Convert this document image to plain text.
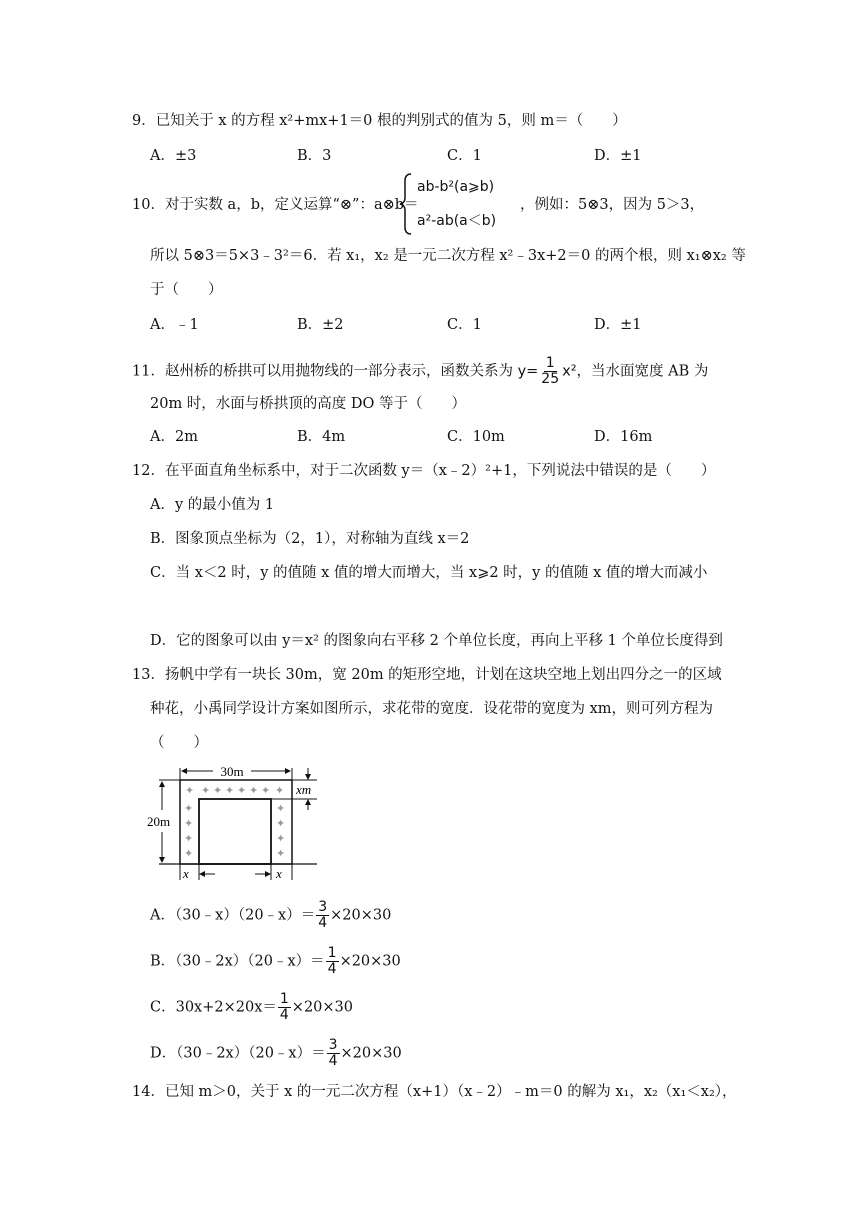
9．已知关于 x 的方程 x²+mx+1＝0 根的判别式的值为 5，则 m＝（　　）
A．±3	B．3	C．1	D．±1
10．对于实数 a，b，定义运算“⊗”：a⊗b＝
ab-b²(a⩾b)
a²-ab(a＜b)
，例如：5⊗3，因为 5＞3，
所以 5⊗3＝5×3﹣3²＝6．若 x₁，x₂ 是一元二次方程 x²﹣3x+2＝0 的两个根，则 x₁⊗x₂ 等
于（　　）
A．﹣1	B．±2	C．1	D．±1
11．赵州桥的桥拱可以用抛物线的一部分表示，函数关系为 $y= \frac{1}{25} x^2$，当水面宽度 AB 为
20m 时，水面与桥拱顶的高度 DO 等于（　　）
A．2m	B．4m	C．10m	D．16m
12．在平面直角坐标系中，对于二次函数 y＝（x﹣2）²+1，下列说法中错误的是（　　）
A．y 的最小值为 1
B．图象顶点坐标为（2，1），对称轴为直线 x＝2
C．当 x＜2 时，y 的值随 x 值的增大而增大，当 x⩾2 时，y 的值随 x 值的增大而减小
D．它的图象可以由 y＝x² 的图象向右平移 2 个单位长度，再向上平移 1 个单位长度得到
13．扬帆中学有一块长 30m，宽 20m 的矩形空地，计划在这块空地上划出四分之一的区域
种花，小禹同学设计方案如图所示，求花带的宽度．设花带的宽度为 xm，则可列方程为
（　　）
30m
20m
xm
x	x
✦ ✦ ✦ ✦ ✦ ✦ ✦ ✦
✦
✦
✦
✦
✦
✦
✦
✦
A．（30﹣x）（20﹣x）＝ $\frac{3}{4} \times 20\times 30$
B．（30﹣2x）（20﹣x）＝ $\frac{1}{4} \times 20\times 30$
C．$30x+2\times 20x= \frac{1}{4} \times 20\times 30$
D．（30﹣2x）（20﹣x）＝ $\frac{3}{4} \times 20\times 30$
14．已知 m＞0，关于 x 的一元二次方程（x+1）（x﹣2）﹣m＝0 的解为 x₁，x₂（x₁＜x₂），
